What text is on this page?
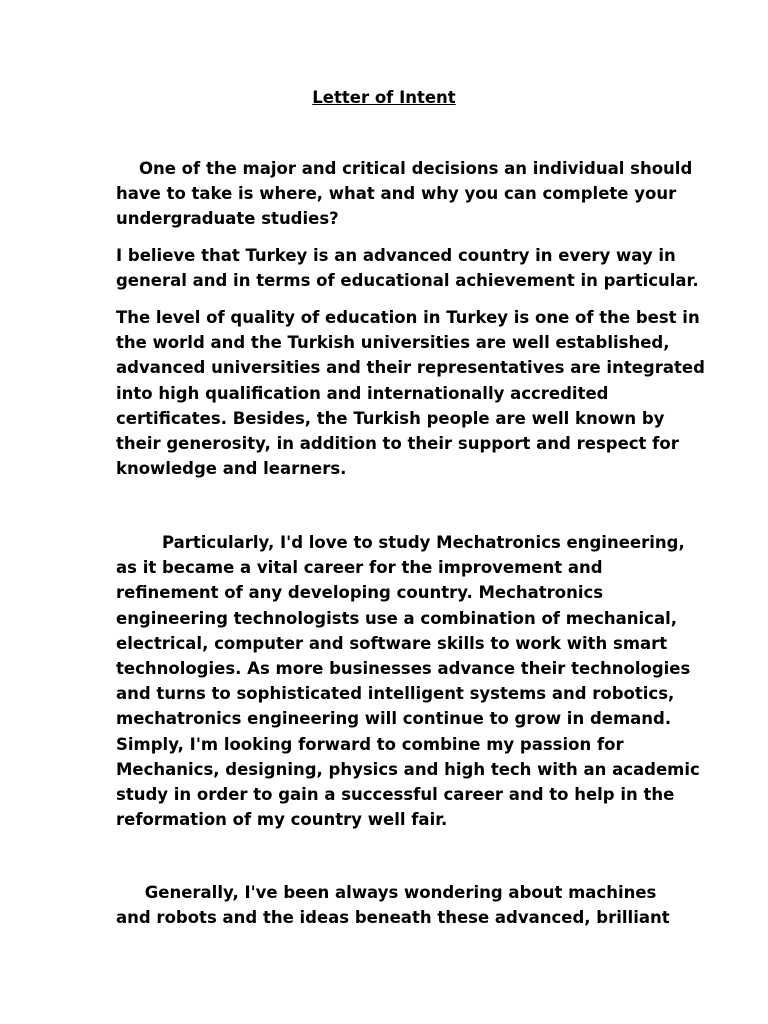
Letter of Intent

One of the major and critical decisions an individual should
have to take is where, what and why you can complete your
undergraduate studies?

I believe that Turkey is an advanced country in every way in
general and in terms of educational achievement in particular.

The level of quality of education in Turkey is one of the best in
the world and the Turkish universities are well established,
advanced universities and their representatives are integrated
into high qualification and internationally accredited
certificates. Besides, the Turkish people are well known by
their generosity, in addition to their support and respect for
knowledge and learners.

Particularly, I'd love to study Mechatronics engineering,
as it became a vital career for the improvement and
refinement of any developing country. Mechatronics
engineering technologists use a combination of mechanical,
electrical, computer and software skills to work with smart
technologies. As more businesses advance their technologies
and turns to sophisticated intelligent systems and robotics,
mechatronics engineering will continue to grow in demand.
Simply, I'm looking forward to combine my passion for
Mechanics, designing, physics and high tech with an academic
study in order to gain a successful career and to help in the
reformation of my country well fair.

Generally, I've been always wondering about machines
and robots and the ideas beneath these advanced, brilliant
